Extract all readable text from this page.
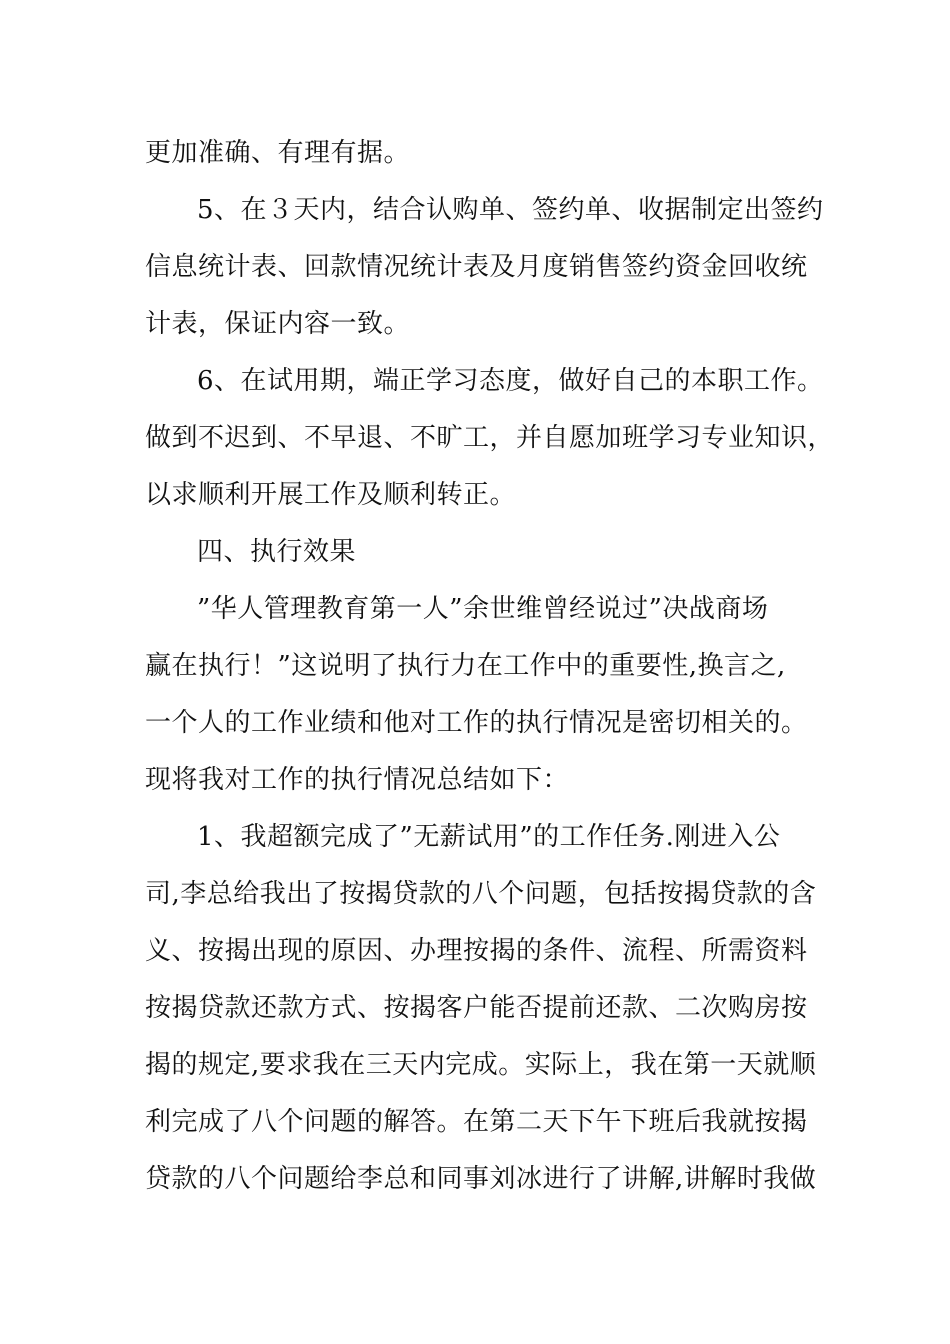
更加准确、有理有据。
5、在３天内，结合认购单、签约单、收据制定出签约
信息统计表、回款情况统计表及月度销售签约资金回收统
计表，保证内容一致。
6、在试用期，端正学习态度，做好自己的本职工作。
做到不迟到、不早退、不旷工，并自愿加班学习专业知识，
以求顺利开展工作及顺利转正。
四、执行效果
”华人管理教育第一人”余世维曾经说过”决战商场
赢在执行！”这说明了执行力在工作中的重要性,换言之,
一个人的工作业绩和他对工作的执行情况是密切相关的。
现将我对工作的执行情况总结如下：
1、我超额完成了”无薪试用”的工作任务.刚进入公
司,李总给我出了按揭贷款的八个问题，包括按揭贷款的含
义、按揭出现的原因、办理按揭的条件、流程、所需资料
按揭贷款还款方式、按揭客户能否提前还款、二次购房按
揭的规定,要求我在三天内完成。实际上，我在第一天就顺
利完成了八个问题的解答。在第二天下午下班后我就按揭
贷款的八个问题给李总和同事刘冰进行了讲解,讲解时我做
